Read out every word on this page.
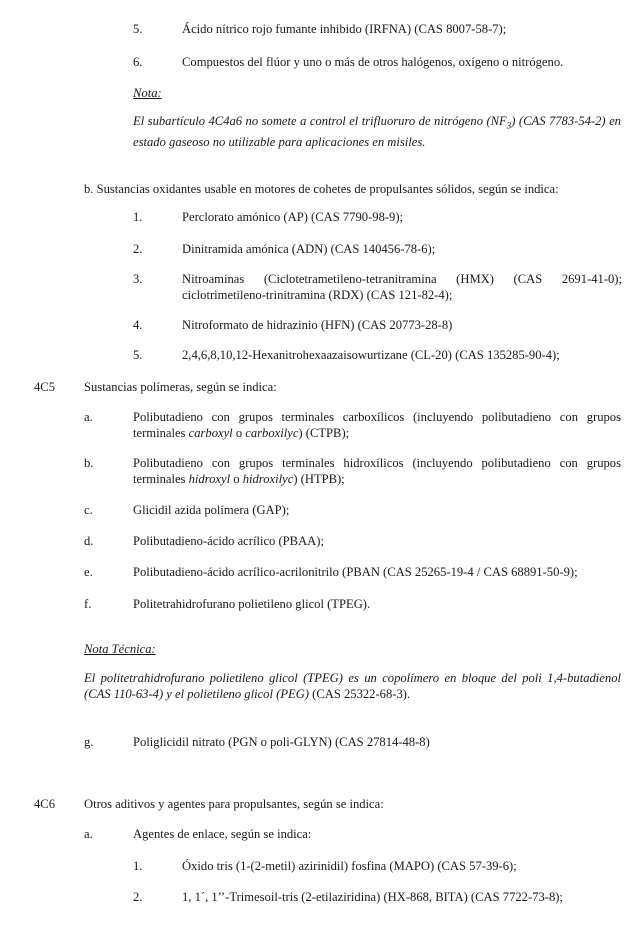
5.	Ácido nítrico rojo fumante inhibido (IRFNA) (CAS 8007-58-7);
6.	Compuestos del flúor y uno o más de otros halógenos, oxígeno o nitrógeno.
Nota:
El subartículo 4C4a6 no somete a control el trifluoruro de nitrógeno $(NF_3)$ (CAS 7783-54-2) en estado gaseoso no utilizable para aplicaciones en misiles.
b. Sustancias oxidantes usable en motores de cohetes de propulsantes sólidos, según se indica:
1.	Perclorato amónico (AP) (CAS 7790-98-9);
2.	Dinitramida amónica (ADN) (CAS 140456-78-6);
3.	Nitroaminas (Ciclotetrametileno-tetranitramina (HMX) (CAS 2691-41-0); ciclotrimetileno-trinitramina (RDX) (CAS 121-82-4);
4.	Nitroformato de hidrazinio (HFN) (CAS 20773-28-8)
5.	2,4,6,8,10,12-Hexanitrohexaazaisowurtizane (CL-20) (CAS 135285-90-4);
4C5 Sustancias polímeras, según se indica:
a.	Polibutadieno con grupos terminales carboxílicos (incluyendo polibutadieno con grupos terminales carboxyl o carboxilyc) (CTPB);
b.	Polibutadieno con grupos terminales hidroxílicos (incluyendo polibutadieno con grupos terminales hidroxyl o hidroxilyc) (HTPB);
c.	Glicidil azida polímera (GAP);
d.	Polibutadieno-ácido acrílico (PBAA);
e.	Polibutadieno-ácido acrílico-acrilonitrilo (PBAN (CAS 25265-19-4 / CAS 68891-50-9);
f.	Politetrahidrofurano polietileno glicol (TPEG).
Nota Técnica:
El politetrahidrofurano polietileno glicol (TPEG) es un copolímero en bloque del poli 1,4-butadienol (CAS 110-63-4) y el polietileno glicol (PEG) (CAS 25322-68-3).
g.	Poliglicidil nitrato (PGN o poli-GLYN) (CAS 27814-48-8)
4C6 Otros aditivos y agentes para propulsantes, según se indica:
a.	Agentes de enlace, según se indica:
1.	Óxido tris (1-(2-metil) azirinidil) fosfina (MAPO) (CAS 57-39-6);
2.	1, 1´, 1’’-Trimesoil-tris (2-etilaziridina) (HX-868, BITA) (CAS 7722-73-8);
